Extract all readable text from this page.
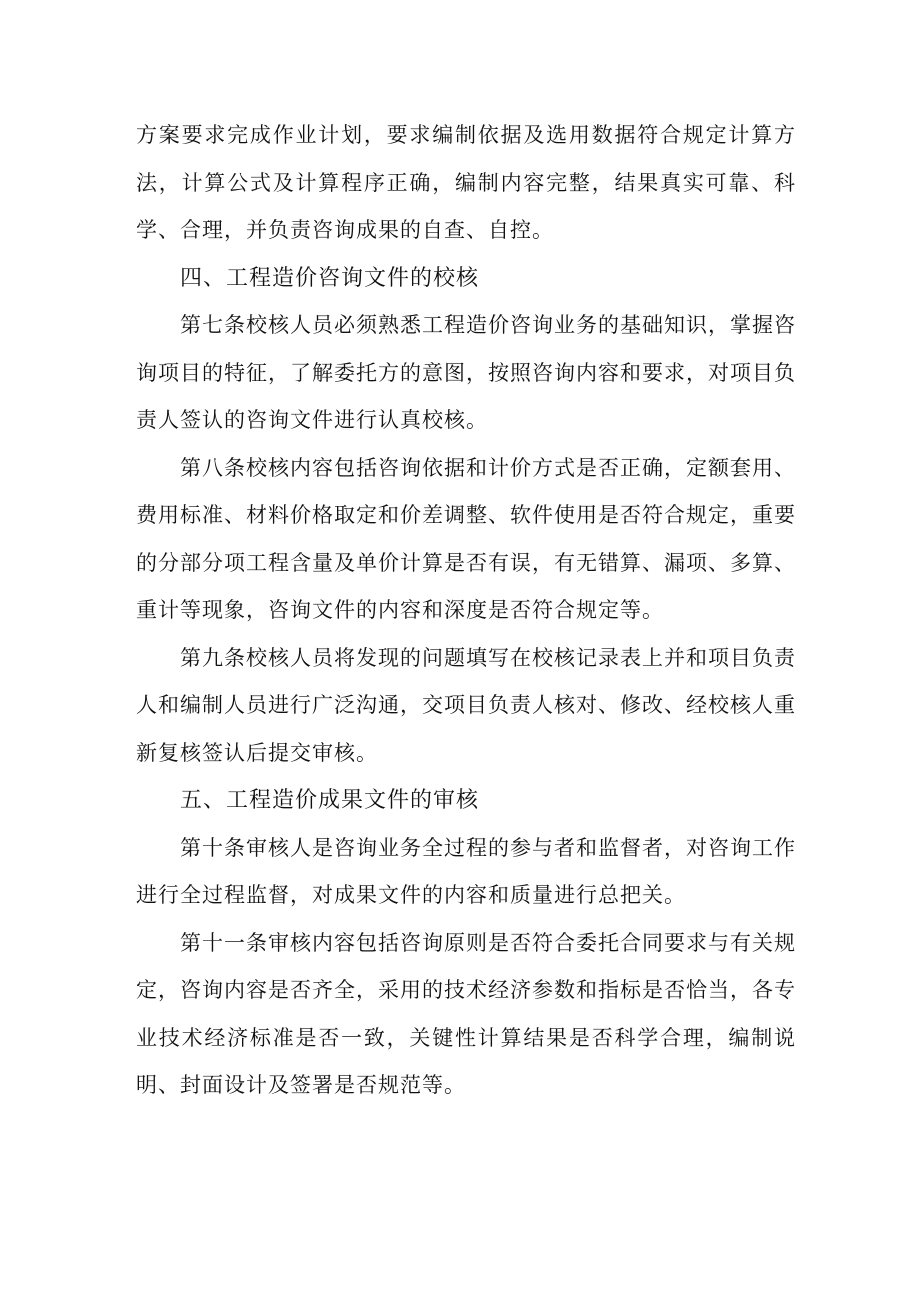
方案要求完成作业计划，要求编制依据及选用数据符合规定计算方法，计算公式及计算程序正确，编制内容完整，结果真实可靠、科学、合理，并负责咨询成果的自查、自控。

四、工程造价咨询文件的校核

第七条校核人员必须熟悉工程造价咨询业务的基础知识，掌握咨询项目的特征，了解委托方的意图，按照咨询内容和要求，对项目负责人签认的咨询文件进行认真校核。

第八条校核内容包括咨询依据和计价方式是否正确，定额套用、费用标准、材料价格取定和价差调整、软件使用是否符合规定，重要的分部分项工程含量及单价计算是否有误，有无错算、漏项、多算、重计等现象，咨询文件的内容和深度是否符合规定等。

第九条校核人员将发现的问题填写在校核记录表上并和项目负责人和编制人员进行广泛沟通，交项目负责人核对、修改、经校核人重新复核签认后提交审核。

五、工程造价成果文件的审核

第十条审核人是咨询业务全过程的参与者和监督者，对咨询工作进行全过程监督，对成果文件的内容和质量进行总把关。

第十一条审核内容包括咨询原则是否符合委托合同要求与有关规定，咨询内容是否齐全，采用的技术经济参数和指标是否恰当，各专业技术经济标准是否一致，关键性计算结果是否科学合理，编制说明、封面设计及签署是否规范等。
